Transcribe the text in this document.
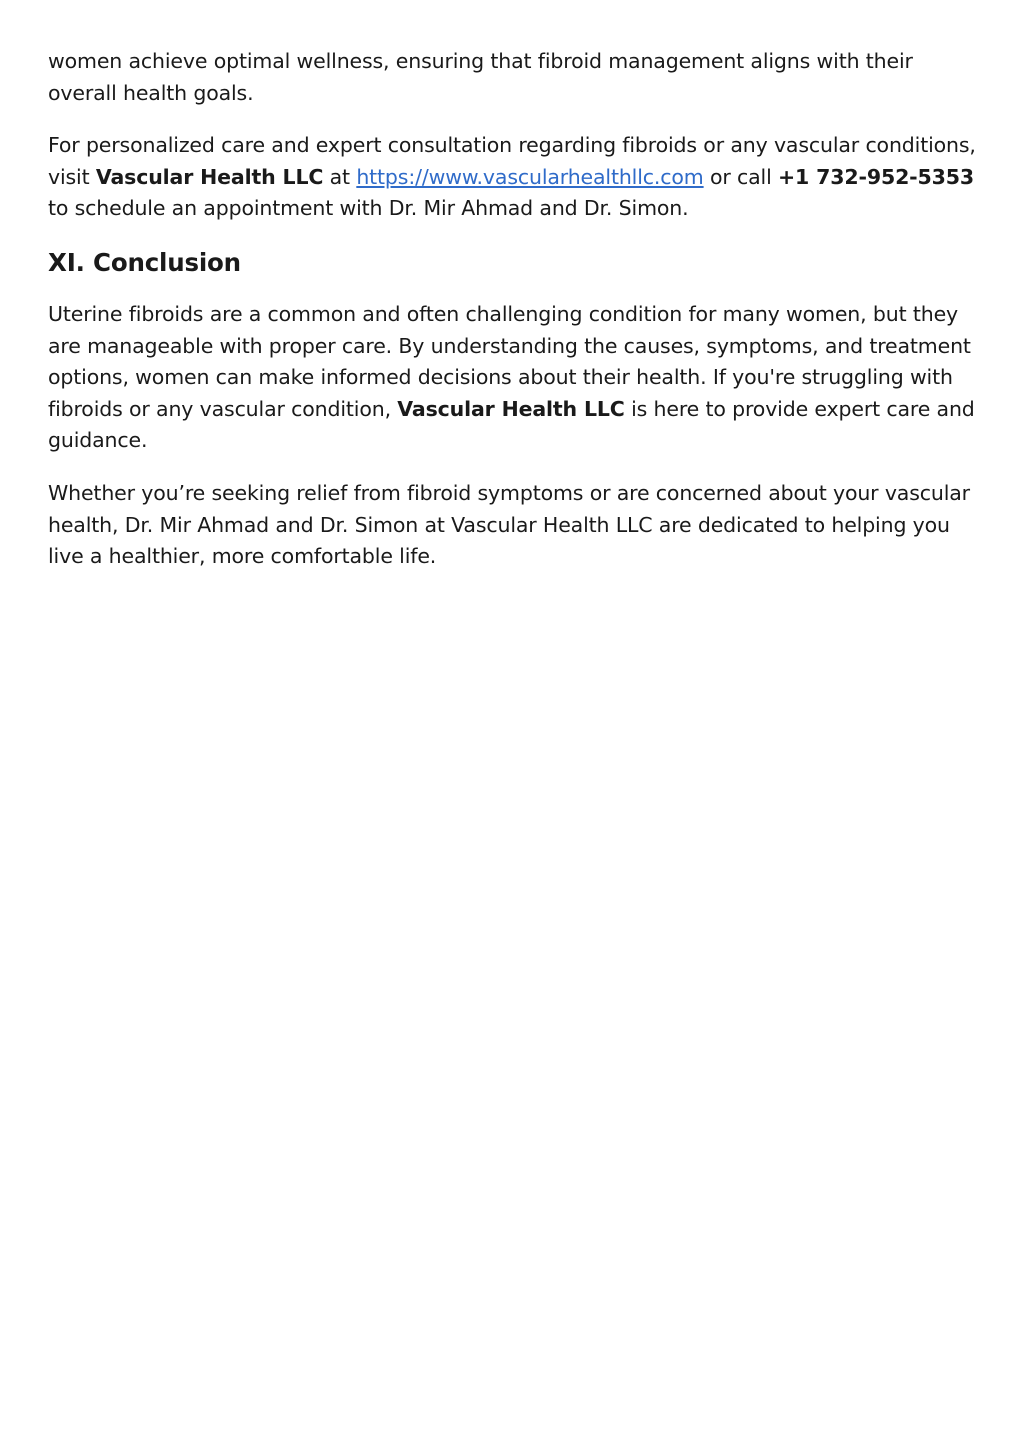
women achieve optimal wellness, ensuring that fibroid management aligns with their overall health goals.

For personalized care and expert consultation regarding fibroids or any vascular conditions, visit Vascular Health LLC at https://www.vascularhealthllc.com or call +1 732-952-5353 to schedule an appointment with Dr. Mir Ahmad and Dr. Simon.

XI. Conclusion

Uterine fibroids are a common and often challenging condition for many women, but they are manageable with proper care. By understanding the causes, symptoms, and treatment options, women can make informed decisions about their health. If you're struggling with fibroids or any vascular condition, Vascular Health LLC is here to provide expert care and guidance.

Whether you’re seeking relief from fibroid symptoms or are concerned about your vascular health, Dr. Mir Ahmad and Dr. Simon at Vascular Health LLC are dedicated to helping you live a healthier, more comfortable life.
